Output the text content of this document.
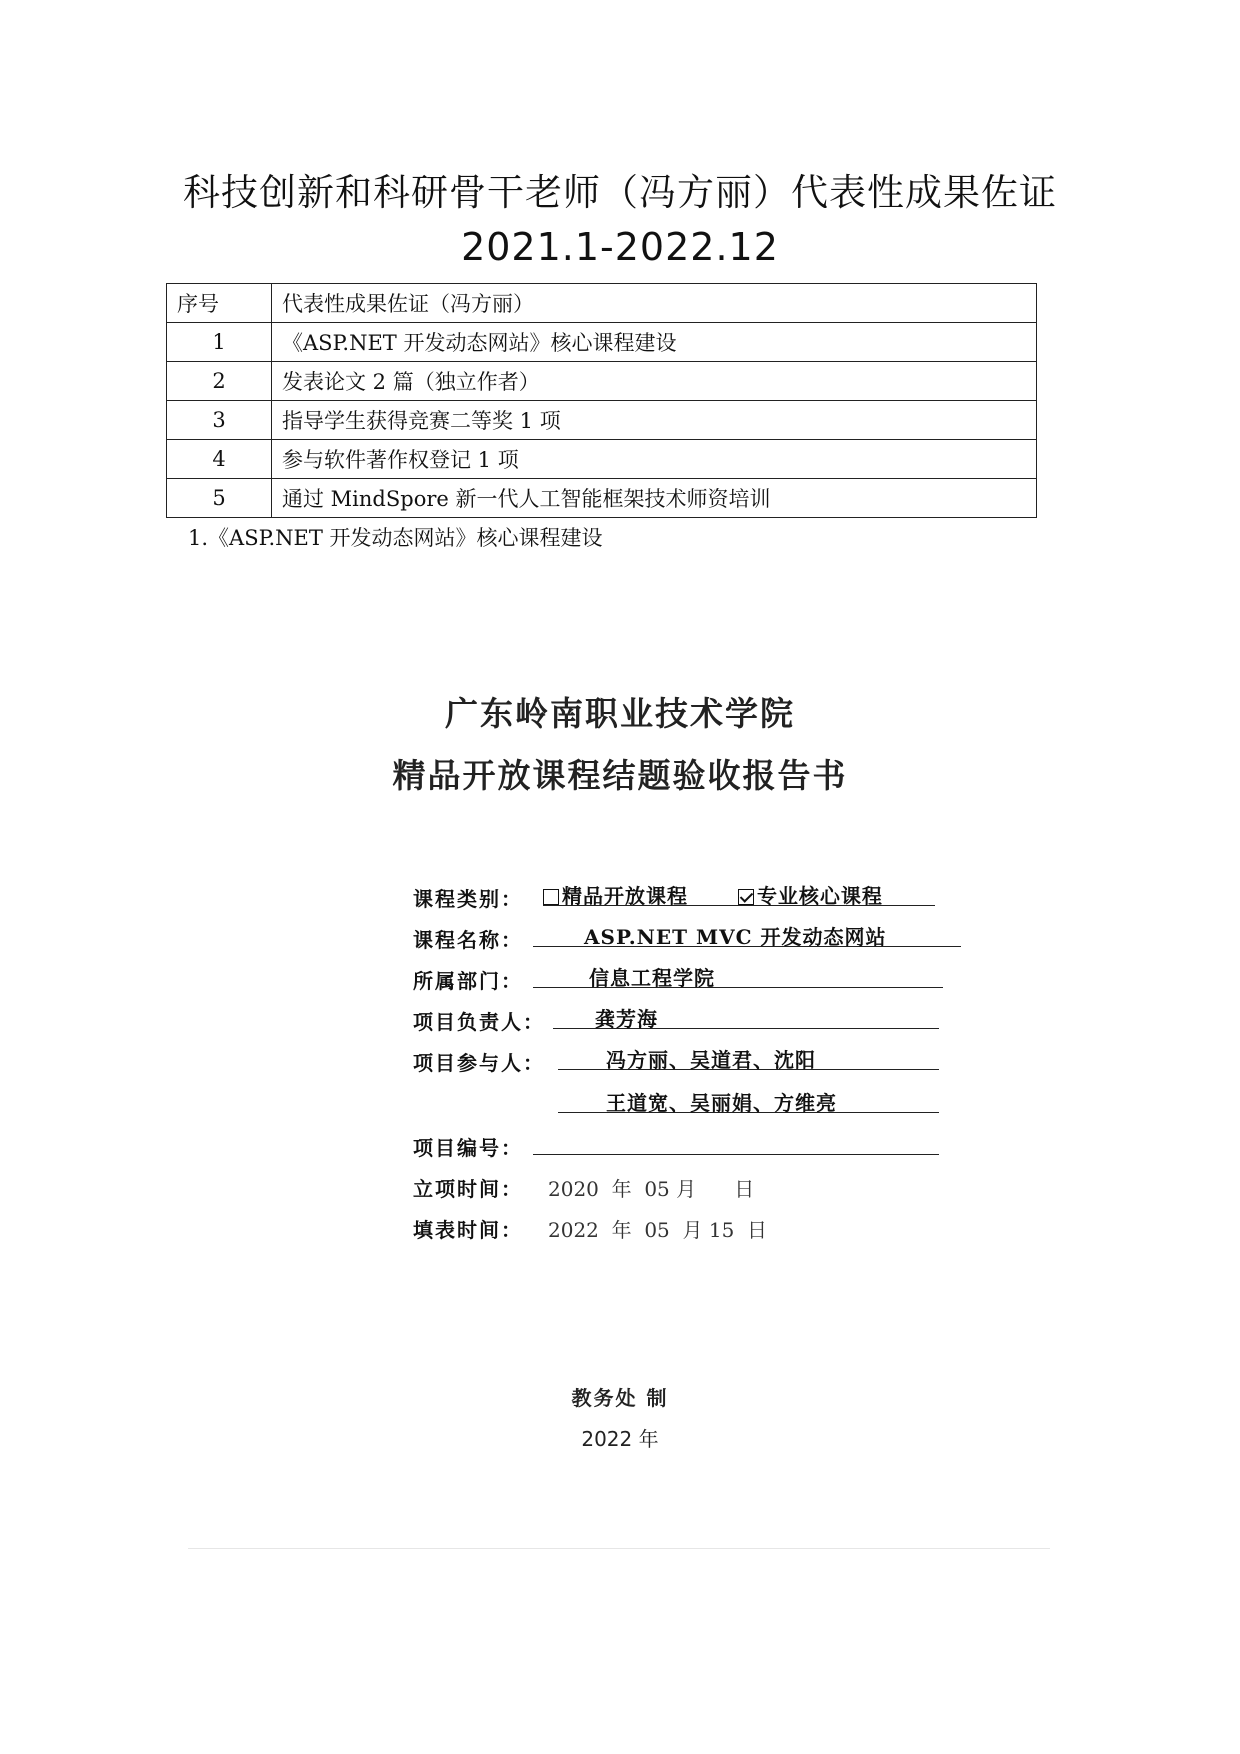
科技创新和科研骨干老师（冯方丽）代表性成果佐证
2021.1-2022.12
序号	代表性成果佐证（冯方丽）
1	《ASP.NET 开发动态网站》核心课程建设
2	发表论文 2 篇（独立作者）
3	指导学生获得竞赛二等奖 1 项
4	参与软件著作权登记 1 项
5	通过 MindSpore 新一代人工智能框架技术师资培训
1.《ASP.NET 开发动态网站》核心课程建设
广东岭南职业技术学院
精品开放课程结题验收报告书
课程类别：	精品开放课程	专业核心课程
课程名称：	ASP.NET MVC 开发动态网站
所属部门：	信息工程学院
项目负责人：	龚芳海
项目参与人：	冯方丽、吴道君、沈阳
王道宽、吴丽娟、方维亮
项目编号：
立项时间： 2020  年  05 月      日
填表时间： 2022  年  05  月 15  日
教务处 制
2022 年
